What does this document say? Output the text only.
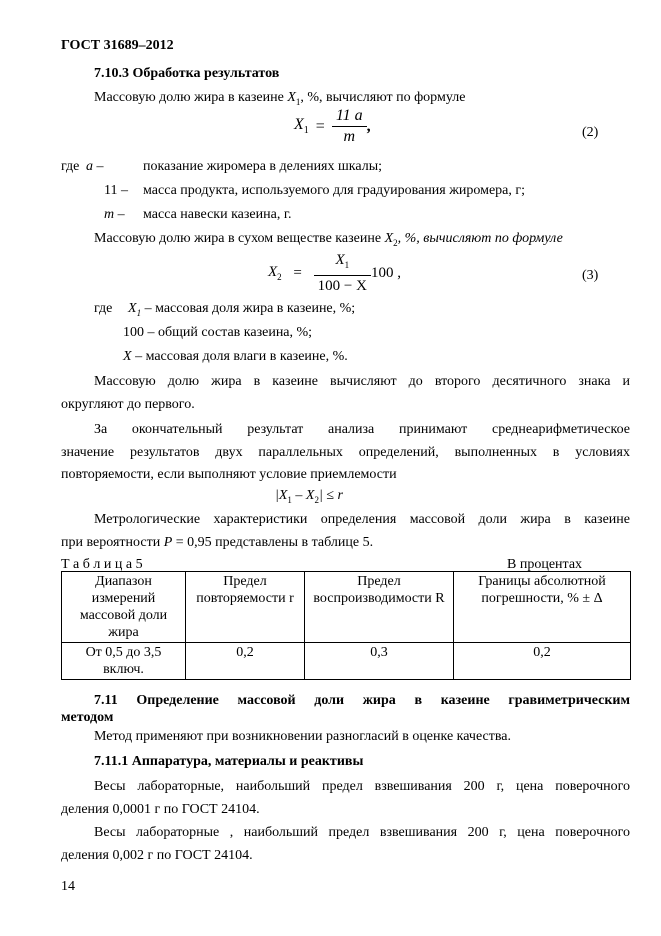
ГОСТ 31689–2012
7.10.3 Обработка результатов
Массовую долю жира в казеине $X_1$, %, вычисляют по формуле
$X_1 = \frac{11 a}{m}$ ,	(2)
где a –	показание жиромера в делениях шкалы;
11 – масса продукта, используемого для градуирования жиромера, г;
m – масса навески казеина, г.
Массовую долю жира в сухом веществе казеине $X_2$, %, вычисляют по формуле
$X_2 = \frac{X_1}{100 - X} 100$ ,	(3)
где $X_1$ – массовая доля жира в казеине, %;
100 – общий состав казеина, %;
X – массовая доля влаги в казеине, %.
Массовую долю жира в казеине вычисляют до второго десятичного знака и
округляют до первого.
За окончательный результат анализа принимают среднеарифметическое
значение результатов двух параллельных определений, выполненных в условиях
повторяемости, если выполняют условие приемлемости
$|X_1 - X_2| \le r$
Метрологические характеристики определения массовой доли жира в казеине
при вероятности P = 0,95 представлены в таблице 5.
Т а б л и ц а 5	В процентах
Диапазон измерений массовой доли жира	Предел повторяемости r	Предел воспроизводимости R	Границы абсолютной погрешности, % ± Δ
От 0,5 до 3,5 включ.	0,2	0,3	0,2
7.11 Определение массовой доли жира в казеине гравиметрическим
методом
Метод применяют при возникновении разногласий в оценке качества.
7.11.1 Аппаратура, материалы и реактивы
Весы лабораторные, наибольший предел взвешивания 200 г, цена поверочного
деления 0,0001 г по ГОСТ 24104.
Весы лабораторные , наибольший предел взвешивания 200 г, цена поверочного
деления 0,002 г по ГОСТ 24104.
14
